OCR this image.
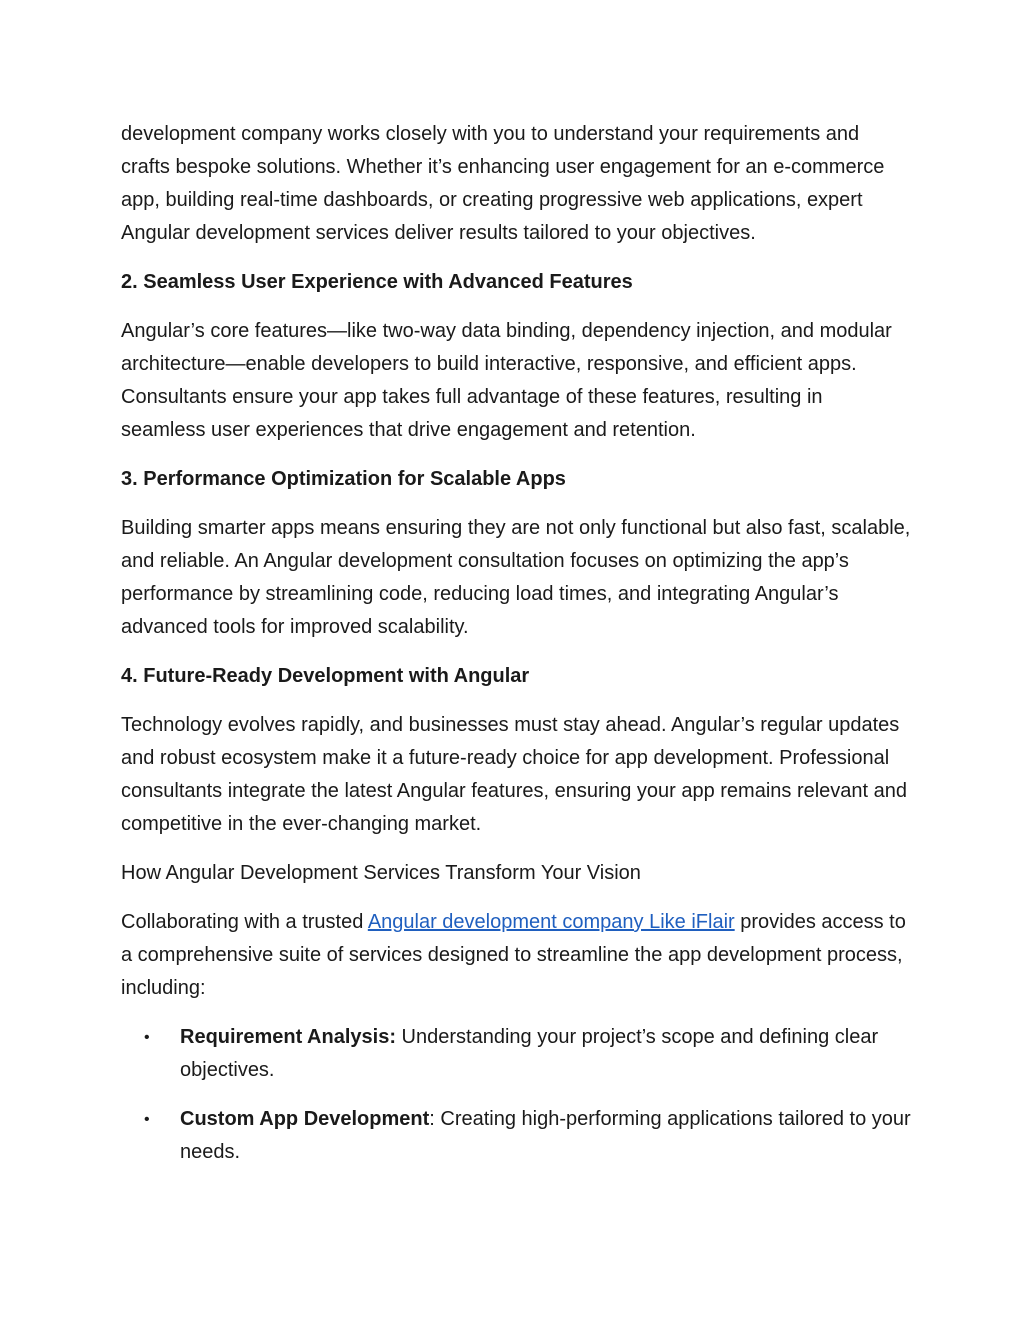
development company works closely with you to understand your requirements and crafts bespoke solutions. Whether it’s enhancing user engagement for an e-commerce app, building real-time dashboards, or creating progressive web applications, expert Angular development services deliver results tailored to your objectives.

2. Seamless User Experience with Advanced Features

Angular’s core features—like two-way data binding, dependency injection, and modular architecture—enable developers to build interactive, responsive, and efficient apps. Consultants ensure your app takes full advantage of these features, resulting in seamless user experiences that drive engagement and retention.

3. Performance Optimization for Scalable Apps

Building smarter apps means ensuring they are not only functional but also fast, scalable, and reliable. An Angular development consultation focuses on optimizing the app’s performance by streamlining code, reducing load times, and integrating Angular’s advanced tools for improved scalability.

4. Future-Ready Development with Angular

Technology evolves rapidly, and businesses must stay ahead. Angular’s regular updates and robust ecosystem make it a future-ready choice for app development. Professional consultants integrate the latest Angular features, ensuring your app remains relevant and competitive in the ever-changing market.

How Angular Development Services Transform Your Vision

Collaborating with a trusted Angular development company Like iFlair provides access to a comprehensive suite of services designed to streamline the app development process, including:

• Requirement Analysis: Understanding your project’s scope and defining clear objectives.
• Custom App Development: Creating high-performing applications tailored to your needs.
